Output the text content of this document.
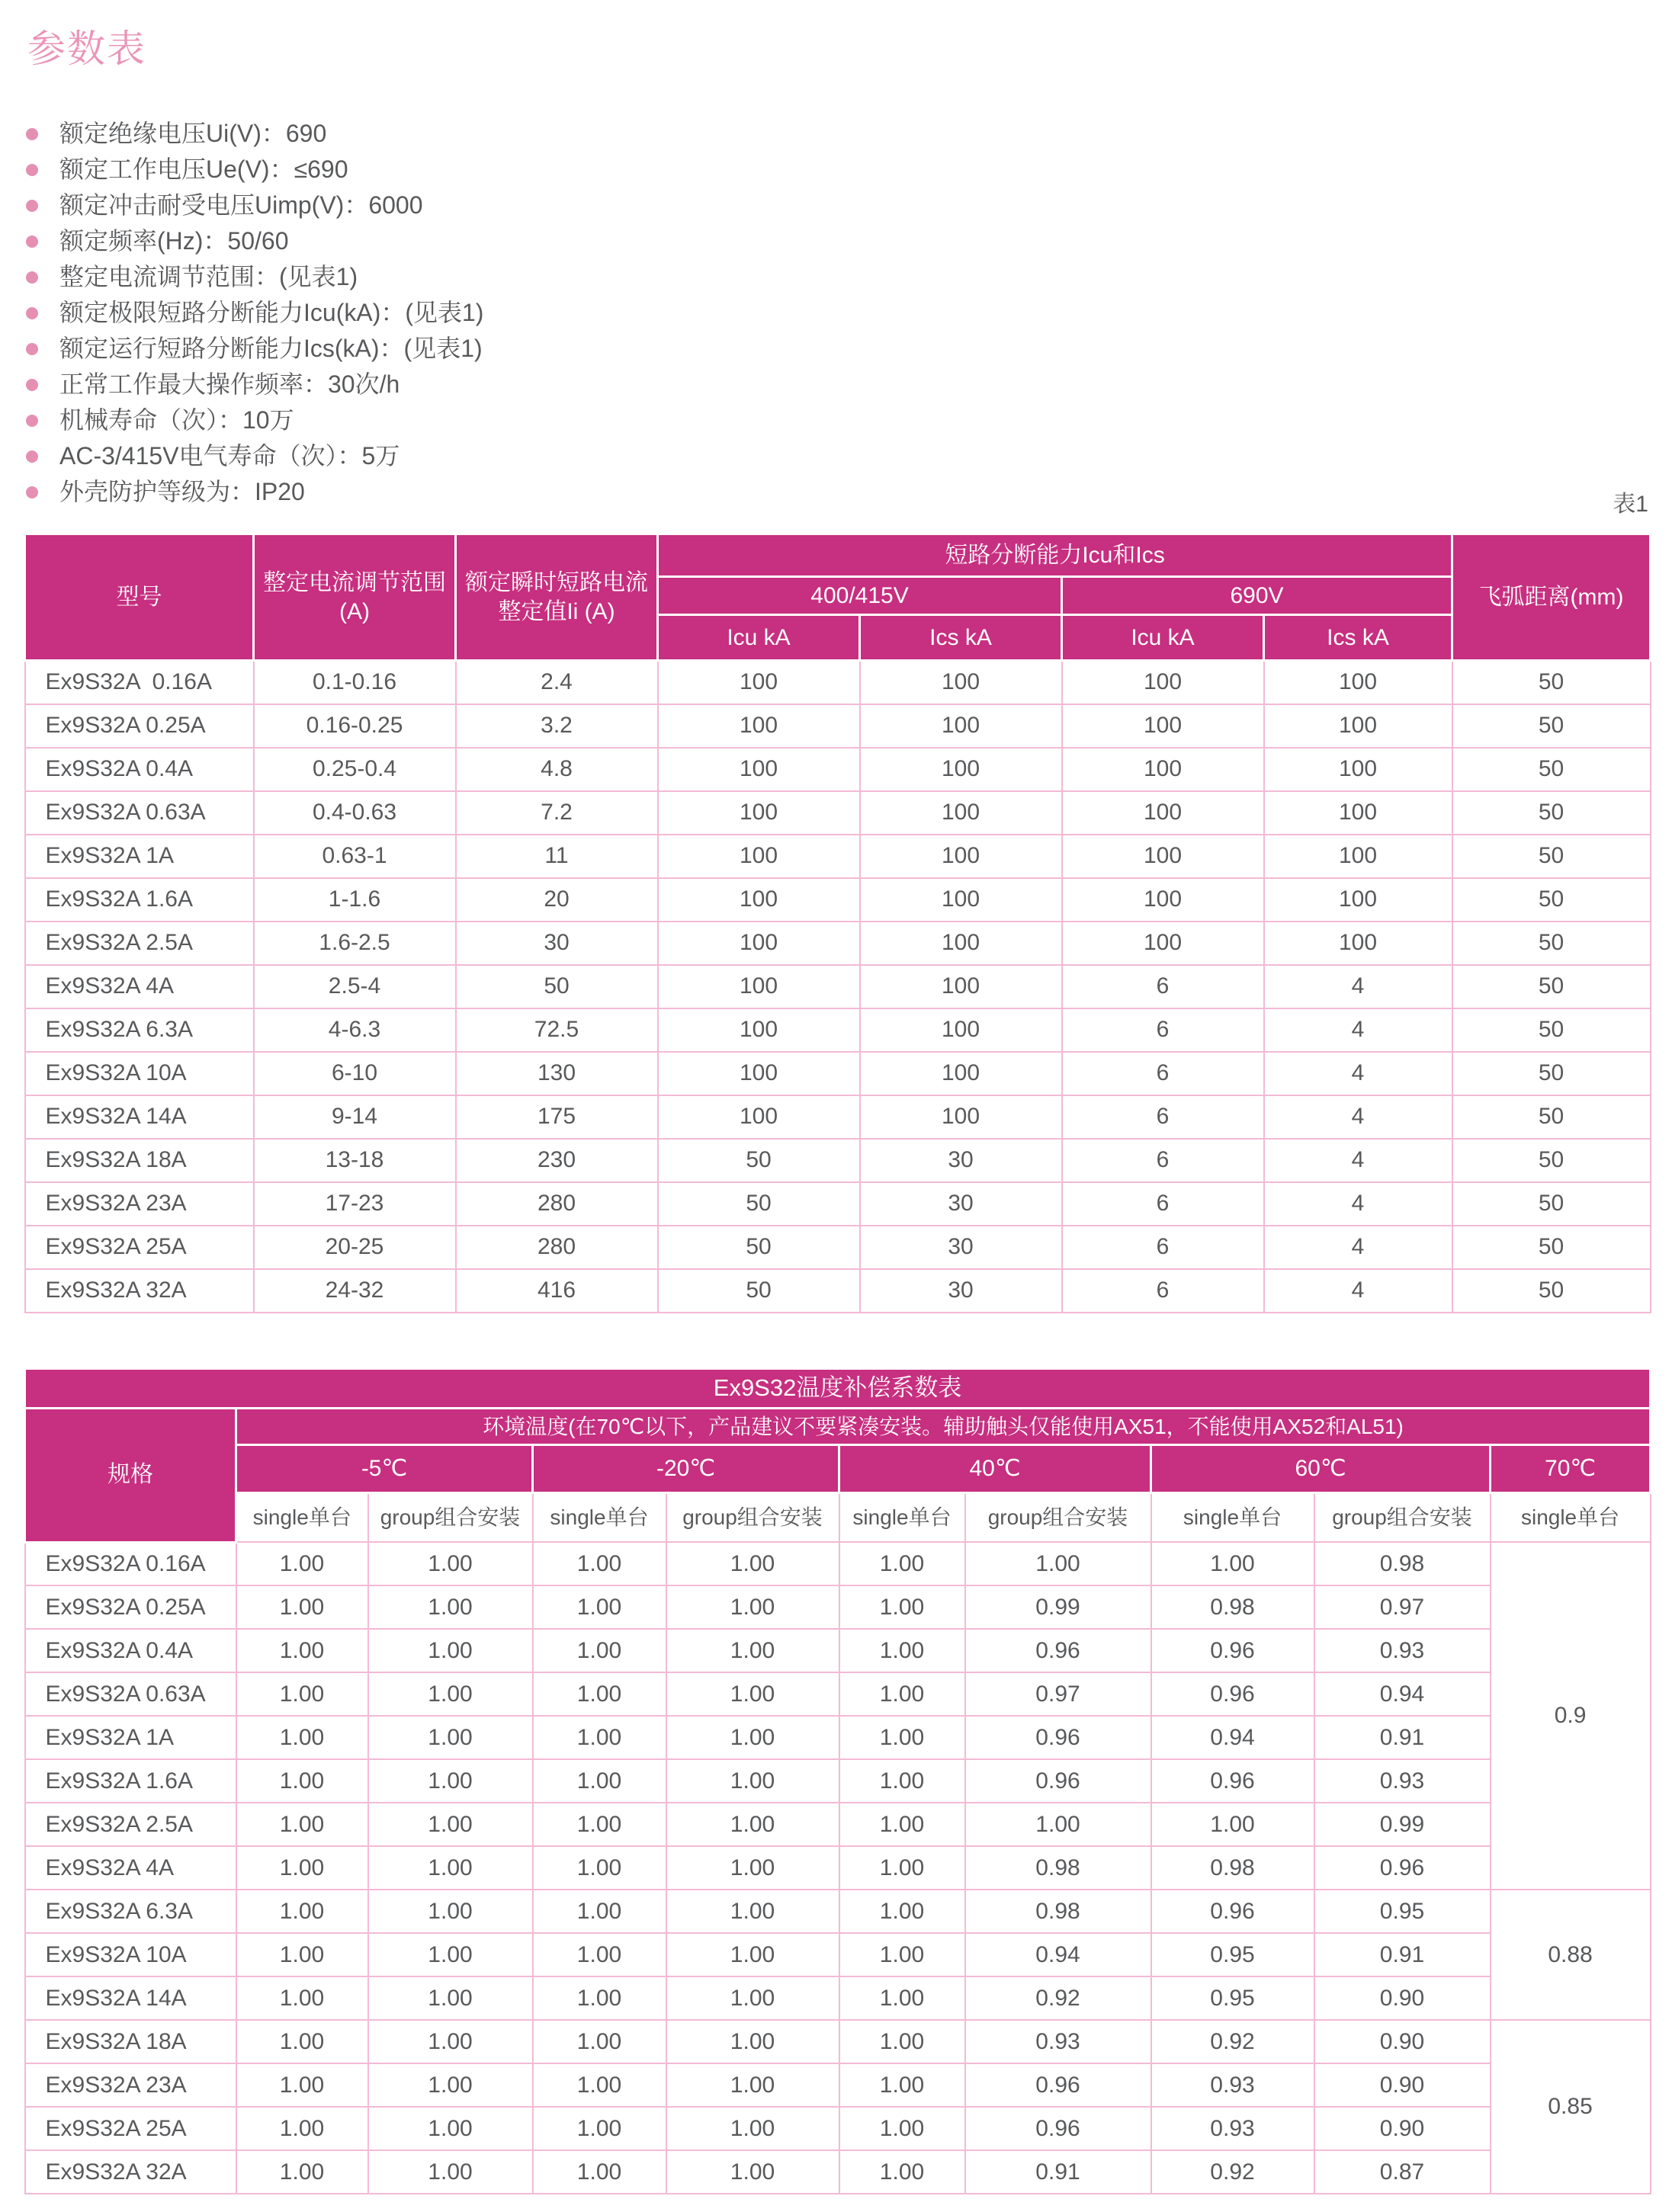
参数表
额定绝缘电压Ui(V)：690
额定工作电压Ue(V)：≤690
额定冲击耐受电压Uimp(V)：6000
额定频率(Hz)：50/60
整定电流调节范围：(见表1)
额定极限短路分断能力Icu(kA)：(见表1)
额定运行短路分断能力Ics(kA)：(见表1)
正常工作最大操作频率：30次/h
机械寿命（次）：10万
AC-3/415V电气寿命（次）：5万
外壳防护等级为：IP20	表1
型号	整定电流调节范围(A)	额定瞬时短路电流整定值Ii (A)	短路分断能力Icu和Ics				飞弧距离(mm)
			400/415V		690V		
			Icu kA	Ics kA	Icu kA	Ics kA	
Ex9S32A  0.16A	0.1-0.16	2.4	100	100	100	100	50
Ex9S32A 0.25A	0.16-0.25	3.2	100	100	100	100	50
Ex9S32A 0.4A	0.25-0.4	4.8	100	100	100	100	50
Ex9S32A 0.63A	0.4-0.63	7.2	100	100	100	100	50
Ex9S32A 1A	0.63-1	11	100	100	100	100	50
Ex9S32A 1.6A	1-1.6	20	100	100	100	100	50
Ex9S32A 2.5A	1.6-2.5	30	100	100	100	100	50
Ex9S32A 4A	2.5-4	50	100	100	6	4	50
Ex9S32A 6.3A	4-6.3	72.5	100	100	6	4	50
Ex9S32A 10A	6-10	130	100	100	6	4	50
Ex9S32A 14A	9-14	175	100	100	6	4	50
Ex9S32A 18A	13-18	230	50	30	6	4	50
Ex9S32A 23A	17-23	280	50	30	6	4	50
Ex9S32A 25A	20-25	280	50	30	6	4	50
Ex9S32A 32A	24-32	416	50	30	6	4	50
Ex9S32温度补偿系数表									
规格	环境温度(在70℃以下，产品建议不要紧凑安装。辅助触头仅能使用AX51，不能使用AX52和AL51)								
	-5℃		-20℃		40℃		60℃		70℃
	single单台	group组合安装	single单台	group组合安装	single单台	group组合安装	single单台	group组合安装	single单台
Ex9S32A 0.16A	1.00	1.00	1.00	1.00	1.00	1.00	1.00	0.98	0.9
Ex9S32A 0.25A	1.00	1.00	1.00	1.00	1.00	0.99	0.98	0.97	
Ex9S32A 0.4A	1.00	1.00	1.00	1.00	1.00	0.96	0.96	0.93	
Ex9S32A 0.63A	1.00	1.00	1.00	1.00	1.00	0.97	0.96	0.94	
Ex9S32A 1A	1.00	1.00	1.00	1.00	1.00	0.96	0.94	0.91	
Ex9S32A 1.6A	1.00	1.00	1.00	1.00	1.00	0.96	0.96	0.93	
Ex9S32A 2.5A	1.00	1.00	1.00	1.00	1.00	1.00	1.00	0.99	
Ex9S32A 4A	1.00	1.00	1.00	1.00	1.00	0.98	0.98	0.96	
Ex9S32A 6.3A	1.00	1.00	1.00	1.00	1.00	0.98	0.96	0.95	0.88
Ex9S32A 10A	1.00	1.00	1.00	1.00	1.00	0.94	0.95	0.91	
Ex9S32A 14A	1.00	1.00	1.00	1.00	1.00	0.92	0.95	0.90	
Ex9S32A 18A	1.00	1.00	1.00	1.00	1.00	0.93	0.92	0.90	0.85
Ex9S32A 23A	1.00	1.00	1.00	1.00	1.00	0.96	0.93	0.90	
Ex9S32A 25A	1.00	1.00	1.00	1.00	1.00	0.96	0.93	0.90	
Ex9S32A 32A	1.00	1.00	1.00	1.00	1.00	0.91	0.92	0.87	
